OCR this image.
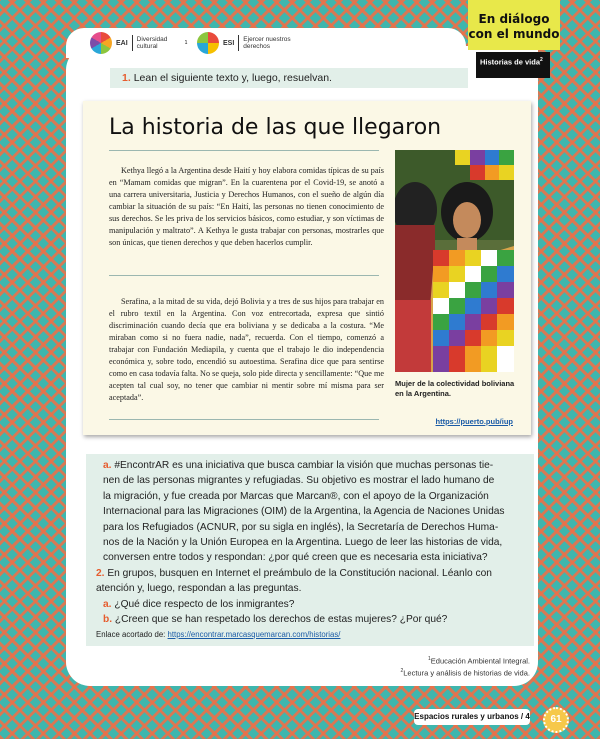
EAI
Diversidad cultural	1	ESI
Ejercer nuestros derechos
En diálogo con el mundo
Historias de vida$^2$
1. Lean el siguiente texto y, luego, resuelvan.
La historia de las que llegaron
Kethya llegó a la Argentina desde Haití y hoy elabora comidas típicas de su país en “Mamam comidas que migran”. En la cuarentena por el Covid-19, se anotó a una carrera universitaria, Justicia y Derechos Humanos, con el sueño de algún día cambiar la situación de su país: “En Haití, las personas no tienen conocimiento de sus derechos. Se les priva de los servicios básicos, como estudiar, y son víctimas de manipulación y maltrato”. A Kethya le gusta trabajar con personas, mostrarles que son únicas, que tienen derechos y que deben hacerlos cumplir.
Serafina, a la mitad de su vida, dejó Bolivia y a tres de sus hijos para trabajar en el rubro textil en la Argentina. Con voz entrecortada, expresa que sintió discriminación cuando decía que era boliviana y se dedicaba a la costura. “Me miraban como si no fuera nadie, nada”, recuerda. Con el tiempo, comenzó a trabajar con Fundación Mediapila, y cuenta que el trabajo le dio independencia económica y, sobre todo, encendió su autoestima. Serafina dice que para sentirse como en casa todavía falta. No se queja, solo pide directa y sencillamente: “Que me acepten tal cual soy, no tener que cambiar ni mentir sobre mí misma para ser aceptada”.
Mujer de la colectividad boliviana en la Argentina.
https://puerto.pub/iup
a. #EncontrAR es una iniciativa que busca cambiar la visión que muchas personas tie-
nen de las personas migrantes y refugiadas. Su objetivo es mostrar el lado humano de
la migración, y fue creada por Marcas que Marcan®, con el apoyo de la Organización
Internacional para las Migraciones (OIM) de la Argentina, la Agencia de Naciones Unidas
para los Refugiados (ACNUR, por su sigla en inglés), la Secretaría de Derechos Huma-
nos de la Nación y la Unión Europea en la Argentina. Luego de leer las historias de vida,
conversen entre todos y respondan: ¿por qué creen que es necesaria esta iniciativa?
2. En grupos, busquen en Internet el preámbulo de la Constitución nacional. Léanlo con
atención y, luego, respondan a las preguntas.
a. ¿Qué dice respecto de los inmigrantes?
b. ¿Creen que se han respetado los derechos de estas mujeres? ¿Por qué?
Enlace acortado de: https://encontrar.marcasquemarcan.com/historias/
$^1$Educación Ambiental Integral.
$^2$Lectura y análisis de historias de vida.
Espacios rurales y urbanos / 4	61
